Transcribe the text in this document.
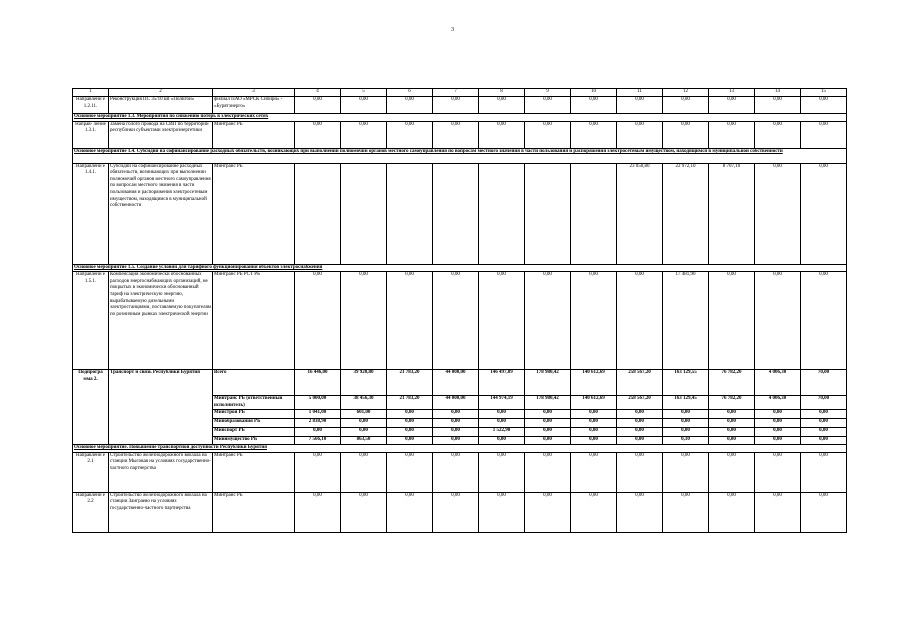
3
1	2	3	4	5	6	7	8	9	10	11	12	13	14	15
Направлени е 1.2.11.	Реконструкция ПС 35/10 кВ «Полигон»	филиал ПАО «МРСК Сибири» - «Бурятэнерго»	0,00	0,00	0,00	0,00	0,00	0,00	0,00	0,00	0,00	0,00	0,00	0,00
Основное мероприятие 1.3. Мероприятия по снижению потерь в электрических сетях														
Направ- ление 1.3.1.	Замена голого провода на СИП по территории республики субъектами электроэнергетики	Минтранс РБ	0,00	0,00	0,00	0,00	0,00	0,00	0,00	0,00	0,00	0,00	0,00	0,00
Основное мероприятие 1.4. Субсидии на софинансирование расходных обязательств, возникающих при выполнении полномочий органов местного самоуправления по вопросам местного значения в части пользования и распоряжения электросетевым имуществом, находящимся в муниципальной собственности														
Направлени е 1.4.1.	Субсидии на софинансирование расходных обязательств, возникающих при выполнении полномочий органов местного самоуправления по вопросам местного значения в части пользования и распоряжения электросетевым имуществом, находящимся в муниципальной собственности	Минтранс РБ								23 050,80	22 972,10	8 707,10	0,00	0,00
Основное мероприятие 1.5. Создание условий для тарифного функционирования объектов электроснабжения														
Направлени е 1.5.1.	Компенсация экономически обоснованных расходов энергоснабжающих организаций, не покрытых в экономически обоснованный тариф на электрическую энергию, вырабатываемую дизельными электростанциями, поставляемую покупателям по розничным рынках электрической энергии	Минтранс РБ РСТ РБ	0,00	0,00	0,00	0,00	0,00	0,00	0,00	0,00	17 481,90	0,00	0,00	0,00
Подпрогра мма 2.	Транспорт и связь Республики Бурятия	Всего	16 446,00	39 920,80	21 783,20	44 000,00	146 497,09	178 980,42	140 612,69	258 567,20	163 129,55	76 782,20	4 006,30	70,00
		Минтранс РБ (ответственный исполнитель)	5 000,00	38 456,30	21 783,20	44 000,00	144 974,19	178 980,42	140 612,69	258 567,20	163 129,45	76 782,20	4 006,30	70,00
		Минстрой РБ	1 041,00	601,00	0,00	0,00	0,00	0,00	0,00	0,00	0,00	0,00	0,00	0,00
		Минобразования РБ	2 838,90	0,00	0,00	0,00	0,00	0,00	0,00	0,00	0,00	0,00	0,00	0,00
		Минспорт РБ	0,00	0,00	0,00	0,00	1 522,90	0,00	0,00	0,00	0,00	0,00	0,00	0,00
		Минимущество РБ	7 566,10	863,50	0,00	0,00	0,00	0,00	0,00	0,00	0,10	0,00	0,00	0,00
Основное мероприятие. Повышение транспортной доступности Республики Бурятия														
Направлени е 2.1	Строительство железнодорожного вокзала на станции Мысовая на условиях государственно-частного партнерства	Минтранс РБ	0,00	0,00	0,00	0,00	0,00	0,00	0,00	0,00	0,00	0,00	0,00	0,00
Направлени е 2.2	Строительство железнодорожного вокзала на станции Заиграево на условиях государственно-частного партнерства	Минтранс РБ	0,00	0,00	0,00	0,00	0,00	0,00	0,00	0,00	0,00	0,00	0,00	0,00
